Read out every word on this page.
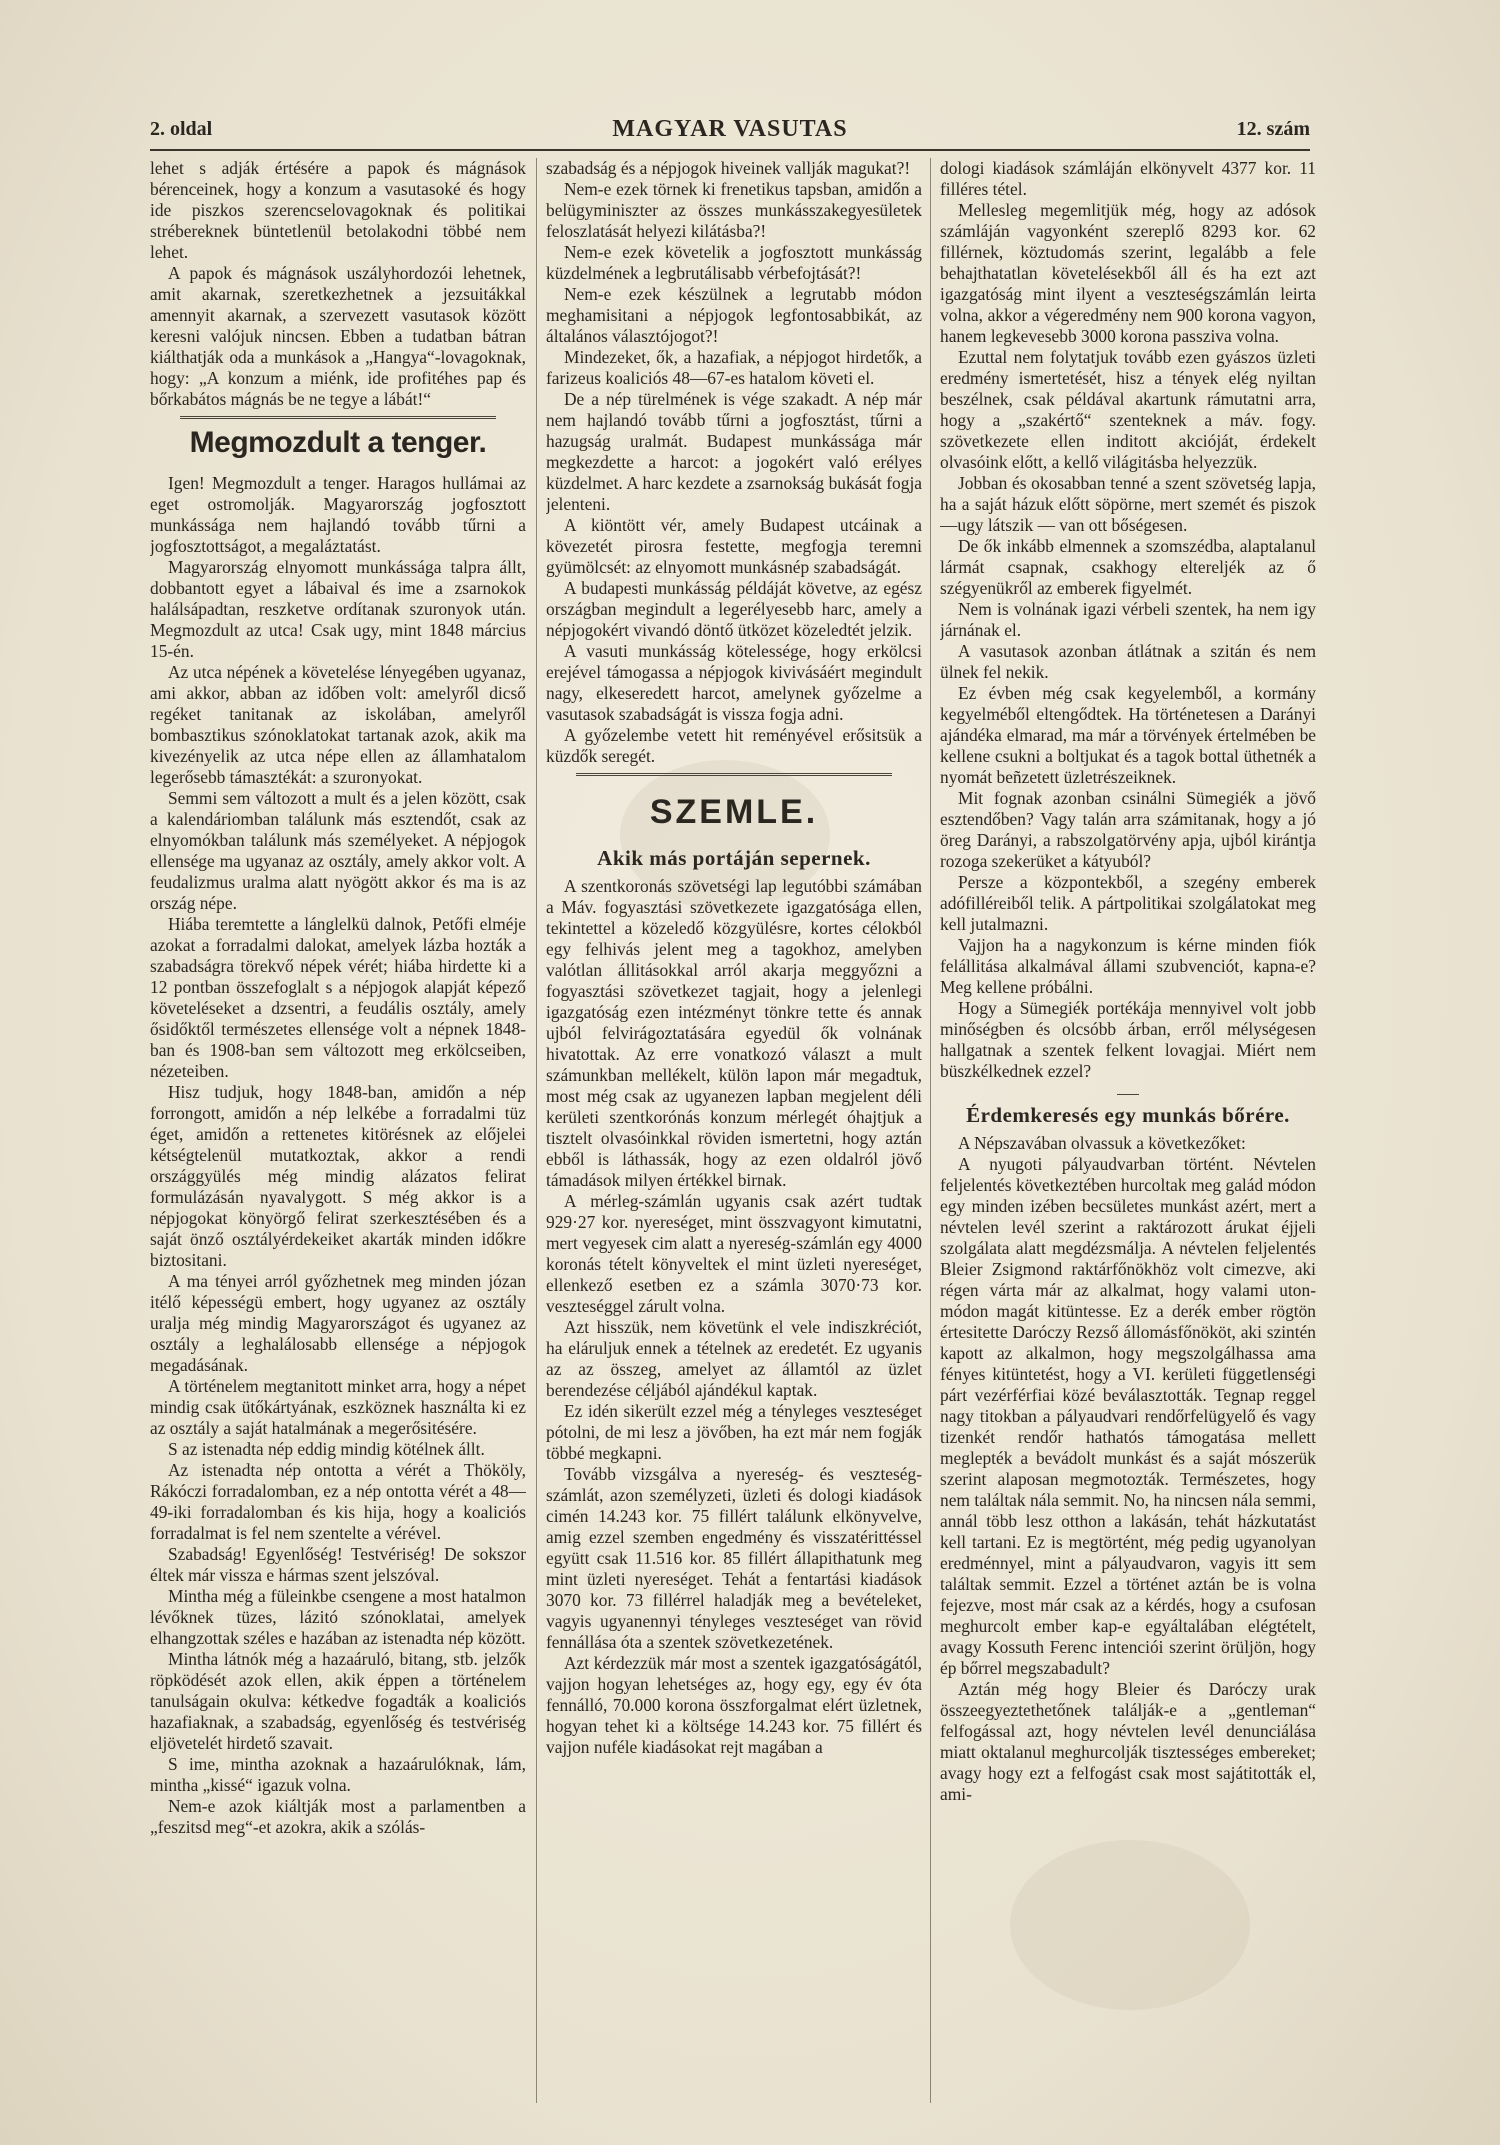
2. oldal	MAGYAR VASUTAS	12. szám

lehet s adják értésére a papok és mágnások bérenceinek, hogy a konzum a vasutasoké és hogy ide piszkos szerencselovagoknak és politikai strébereknek büntetlenül betolakodni többé nem lehet.

A papok és mágnások uszályhordozói lehetnek, amit akarnak, szeretkezhetnek a jezsuitákkal amennyit akarnak, a szervezett vasutasok között keresni valójuk nincsen. Ebben a tudatban bátran kiálthatják oda a munkások a „Hangya“-lovagoknak, hogy: „A konzum a miénk, ide profitéhes pap és bőrkabátos mágnás be ne tegye a lábát!“

Megmozdult a tenger.

Igen! Megmozdult a tenger. Haragos hullámai az eget ostromolják. Magyarország jogfosztott munkássága nem hajlandó tovább tűrni a jogfosztottságot, a megaláztatást.

Magyarország elnyomott munkássága talpra állt, dobbantott egyet a lábaival és ime a zsarnokok halálsápadtan, reszketve ordítanak szuronyok után. Megmozdult az utca! Csak ugy, mint 1848 március 15-én.

Az utca népének a követelése lényegében ugyanaz, ami akkor, abban az időben volt: amelyről dicső regéket tanitanak az iskolában, amelyről bombasztikus szónoklatokat tartanak azok, akik ma kivezényelik az utca népe ellen az államhatalom legerősebb támasztékát: a szuronyokat.

Semmi sem változott a mult és a jelen között, csak a kalendáriomban találunk más esztendőt, csak az elnyomókban találunk más személyeket. A népjogok ellensége ma ugyanaz az osztály, amely akkor volt. A feudalizmus uralma alatt nyögött akkor és ma is az ország népe.

Hiába teremtette a lánglelkü dalnok, Petőfi elméje azokat a forradalmi dalokat, amelyek lázba hozták a szabadságra törekvő népek vérét; hiába hirdette ki a 12 pontban összefoglalt s a népjogok alapját képező követeléseket a dzsentri, a feudális osztály, amely ősidőktől természetes ellensége volt a népnek 1848-ban és 1908-ban sem változott meg erkölcseiben, nézeteiben.

Hisz tudjuk, hogy 1848-ban, amidőn a nép forrongott, amidőn a nép lelkébe a forradalmi tüz éget, amidőn a rettenetes kitörésnek az előjelei kétségtelenül mutatkoztak, akkor a rendi országgyülés még mindig alázatos felirat formulázásán nyavalygott. S még akkor is a népjogokat könyörgő felirat szerkesztésében és a saját önző osztályérdekeiket akarták minden időkre biztositani.

A ma tényei arról győzhetnek meg minden józan itélő képességü embert, hogy ugyanez az osztály uralja még mindig Magyarországot és ugyanez az osztály a leghalálosabb ellensége a népjogok megadásának.

A történelem megtanitott minket arra, hogy a népet mindig csak ütőkártyának, eszköznek használta ki ez az osztály a saját hatalmának a megerősitésére.

S az istenadta nép eddig mindig kötélnek állt.

Az istenadta nép ontotta a vérét a Thököly, Rákóczi forradalomban, ez a nép ontotta vérét a 48—49-iki forradalomban és kis hija, hogy a koaliciós forradalmat is fel nem szentelte a vérével.

Szabadság! Egyenlőség! Testvériség! De sokszor éltek már vissza e hármas szent jelszóval.

Mintha még a füleinkbe csengene a most hatalmon lévőknek tüzes, lázitó szónoklatai, amelyek elhangzottak széles e hazában az istenadta nép között.

Mintha látnók még a hazaáruló, bitang, stb. jelzők röpködését azok ellen, akik éppen a történelem tanulságain okulva: kétkedve fogadták a koaliciós hazafiaknak, a szabadság, egyenlőség és testvériség eljövetelét hirdető szavait.

S ime, mintha azoknak a hazaárulóknak, lám, mintha „kissé“ igazuk volna.

Nem-e azok kiáltják most a parlamentben a „feszitsd meg“-et azokra, akik a szólás-

szabadság és a népjogok hiveinek vallják magukat?!

Nem-e ezek törnek ki frenetikus tapsban, amidőn a belügyminiszter az összes munkásszakegyesületek feloszlatását helyezi kilátásba?!

Nem-e ezek követelik a jogfosztott munkásság küzdelmének a legbrutálisabb vérbefojtását?!

Nem-e ezek készülnek a legrutabb módon meghamisitani a népjogok legfontosabbikát, az általános választójogot?!

Mindezeket, ők, a hazafiak, a népjogot hirdetők, a farizeus koaliciós 48—67-es hatalom követi el.

De a nép türelmének is vége szakadt. A nép már nem hajlandó tovább tűrni a jogfosztást, tűrni a hazugság uralmát. Budapest munkássága már megkezdette a harcot: a jogokért való erélyes küzdelmet. A harc kezdete a zsarnokság bukását fogja jelenteni.

A kiöntött vér, amely Budapest utcáinak a kövezetét pirosra festette, megfogja teremni gyümölcsét: az elnyomott munkásnép szabadságát.

A budapesti munkásság példáját követve, az egész országban megindult a legerélyesebb harc, amely a népjogokért vivandó döntő ütközet közeledtét jelzik.

A vasuti munkásság kötelessége, hogy erkölcsi erejével támogassa a népjogok kivivásáért megindult nagy, elkeseredett harcot, amelynek győzelme a vasutasok szabadságát is vissza fogja adni.

A győzelembe vetett hit reményével erősitsük a küzdők seregét.

SZEMLE.
Akik más portáján sepernek.

A szentkoronás szövetségi lap legutóbbi számában a Máv. fogyasztási szövetkezete igazgatósága ellen, tekintettel a közeledő közgyülésre, kortes célokból egy felhivás jelent meg a tagokhoz, amelyben valótlan állitásokkal arról akarja meggyőzni a fogyasztási szövetkezet tagjait, hogy a jelenlegi igazgatóság ezen intézményt tönkre tette és annak ujból felvirágoztatására egyedül ők volnának hivatottak. Az erre vonatkozó választ a mult számunkban mellékelt, külön lapon már megadtuk, most még csak az ugyanezen lapban megjelent déli kerületi szentkorónás konzum mérlegét óhajtjuk a tisztelt olvasóinkkal röviden ismertetni, hogy aztán ebből is láthassák, hogy az ezen oldalról jövő támadások milyen értékkel birnak.

A mérleg-számlán ugyanis csak azért tudtak 929·27 kor. nyereséget, mint összvagyont kimutatni, mert vegyesek cim alatt a nyereség-számlán egy 4000 koronás tételt könyveltek el mint üzleti nyereséget, ellenkező esetben ez a számla 3070·73 kor. veszteséggel zárult volna.

Azt hisszük, nem követünk el vele indiszkréciót, ha eláruljuk ennek a tételnek az eredetét. Ez ugyanis az az összeg, amelyet az államtól az üzlet berendezése céljából ajándékul kaptak.

Ez idén sikerült ezzel még a tényleges veszteséget pótolni, de mi lesz a jövőben, ha ezt már nem fogják többé megkapni.

Tovább vizsgálva a nyereség- és veszteség-számlát, azon személyzeti, üzleti és dologi kiadások cimén 14.243 kor. 75 fillért találunk elkönyvelve, amig ezzel szemben engedmény és visszatérittéssel együtt csak 11.516 kor. 85 fillért állapithatunk meg mint üzleti nyereséget. Tehát a fentartási kiadások 3070 kor. 73 fillérrel haladják meg a bevételeket, vagyis ugyanennyi tényleges veszteséget van rövid fennállása óta a szentek szövetkezetének.

Azt kérdezzük már most a szentek igazgatóságától, vajjon hogyan lehetséges az, hogy egy, egy év óta fennálló, 70.000 korona összforgalmat elért üzletnek, hogyan tehet ki a költsége 14.243 kor. 75 fillért és vajjon nuféle kiadásokat rejt magában a

dologi kiadások számláján elkönyvelt 4377 kor. 11 filléres tétel.

Mellesleg megemlitjük még, hogy az adósok számláján vagyonként szereplő 8293 kor. 62 fillérnek, köztudomás szerint, legalább a fele behajthatatlan követelésekből áll és ha ezt azt igazgatóság mint ilyent a veszteségszámlán leirta volna, akkor a végeredmény nem 900 korona vagyon, hanem legkevesebb 3000 korona passziva volna.

Ezuttal nem folytatjuk tovább ezen gyászos üzleti eredmény ismertetését, hisz a tények elég nyiltan beszélnek, csak példával akartunk rámutatni arra, hogy a „szakértő“ szenteknek a máv. fogy. szövetkezete ellen inditott akcióját, érdekelt olvasóink előtt, a kellő világitásba helyezzük.

Jobban és okosabban tenné a szent szövetség lapja, ha a saját házuk előtt söpörne, mert szemét és piszok —ugy látszik — van ott bőségesen.

De ők inkább elmennek a szomszédba, alaptalanul lármát csapnak, csakhogy eltereljék az ő szégyenükről az emberek figyelmét.

Nem is volnának igazi vérbeli szentek, ha nem igy járnának el.

A vasutasok azonban átlátnak a szitán és nem ülnek fel nekik.

Ez évben még csak kegyelemből, a kormány kegyelméből eltengődtek. Ha történetesen a Darányi ajándéka elmarad, ma már a törvények értelmében be kellene csukni a boltjukat és a tagok bottal üthetnék a nyomát beñzetett üzletrészeiknek.

Mit fognak azonban csinálni Sümegiék a jövő esztendőben? Vagy talán arra számitanak, hogy a jó öreg Darányi, a rabszolgatörvény apja, ujból kirántja rozoga szekerüket a kátyuból?

Persze a központekből, a szegény emberek adófilléreiből telik. A pártpolitikai szolgálatokat meg kell jutalmazni.

Vajjon ha a nagykonzum is kérne minden fiók felállitása alkalmával állami szubvenciót, kapna-e? Meg kellene próbálni.

Hogy a Sümegiék portékája mennyivel volt jobb minőségben és olcsóbb árban, erről mélységesen hallgatnak a szentek felkent lovagjai. Miért nem büszkélkednek ezzel?

Érdemkeresés egy munkás bőrére.

A Népszavában olvassuk a következőket:

A nyugoti pályaudvarban történt. Névtelen feljelentés következtében hurcoltak meg galád módon egy minden izében becsületes munkást azért, mert a névtelen levél szerint a raktározott árukat éjjeli szolgálata alatt megdézsmálja. A névtelen feljelentés Bleier Zsigmond raktárfőnökhöz volt cimezve, aki régen várta már az alkalmat, hogy valami uton-módon magát kitüntesse. Ez a derék ember rögtön értesitette Daróczy Rezső állomásfőnököt, aki szintén kapott az alkalmon, hogy megszolgálhassa ama fényes kitüntetést, hogy a VI. kerületi függetlenségi párt vezérférfiai közé beválasztották. Tegnap reggel nagy titokban a pályaudvari rendőrfelügyelő és vagy tizenkét rendőr hathatós támogatása mellett meglepték a bevádolt munkást és a saját mószerük szerint alaposan megmotozták. Természetes, hogy nem találtak nála semmit. No, ha nincsen nála semmi, annál több lesz otthon a lakásán, tehát házkutatást kell tartani. Ez is megtörtént, még pedig ugyanolyan eredménnyel, mint a pályaudvaron, vagyis itt sem találtak semmit. Ezzel a történet aztán be is volna fejezve, most már csak az a kérdés, hogy a csufosan meghurcolt ember kap-e egyáltalában elégtételt, avagy Kossuth Ferenc intenciói szerint örüljön, hogy ép bőrrel megszabadult?

Aztán még hogy Bleier és Daróczy urak összeegyeztethetőnek találják-e a „gentleman“ felfogással azt, hogy névtelen levél denunciálása miatt oktalanul meghurcolják tisztességes embereket; avagy hogy ezt a felfogást csak most sajátitották el, ami-
